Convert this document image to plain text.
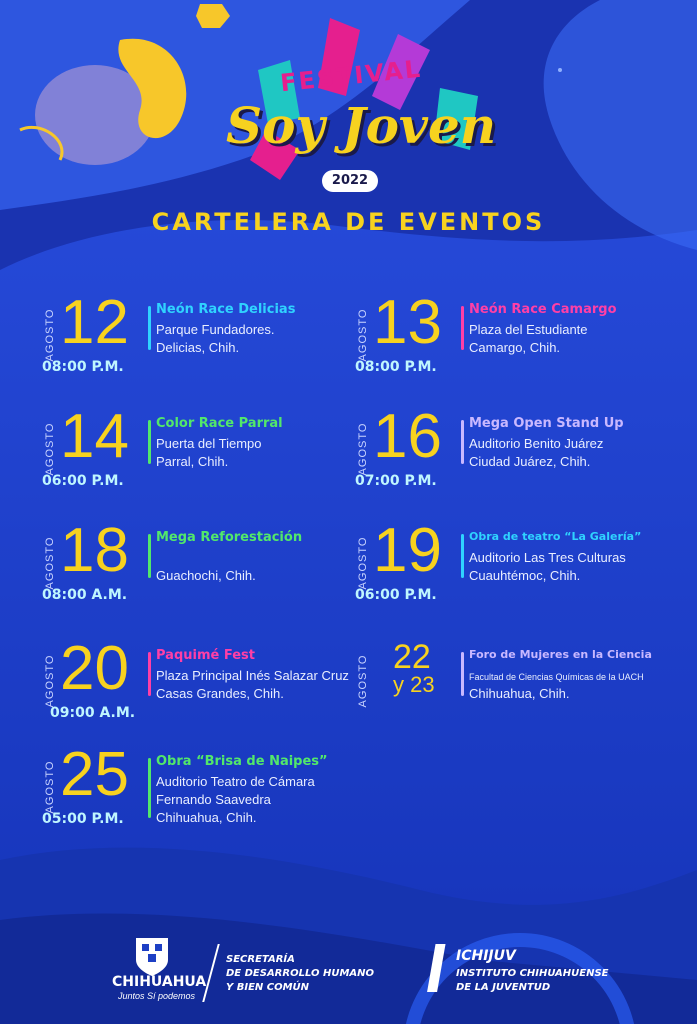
FESTIVAL
Soy Joven
2022
CARTELERA DE EVENTOS
AGOSTO 12
08:00 P.M.
Neón Race Delicias
Parque Fundadores.
Delicias, Chih.	AGOSTO 13
08:00 P.M.
Neón Race Camargo
Plaza del Estudiante
Camargo, Chih.
AGOSTO 14
06:00 P.M.
Color Race Parral
Puerta del Tiempo
Parral, Chih.	AGOSTO 16
07:00 P.M.
Mega Open Stand Up
Auditorio Benito Juárez
Ciudad Juárez, Chih.
AGOSTO 18
08:00 A.M.
Mega Reforestación
Guachochi, Chih.	AGOSTO 19
06:00 P.M.
Obra de teatro “La Galería”
Auditorio Las Tres Culturas
Cuauhtémoc, Chih.
AGOSTO 20
09:00 A.M.
Paquimé Fest
Plaza Principal Inés Salazar Cruz
Casas Grandes, Chih.	AGOSTO 22
y 23
Foro de Mujeres en la Ciencia
Facultad de Ciencias Químicas de la UACH
Chihuahua, Chih.
AGOSTO 25
05:00 P.M.
Obra “Brisa de Naipes”
Auditorio Teatro de Cámara
Fernando Saavedra
Chihuahua, Chih.
CHIHUAHUA
Juntos Sí podemos
SECRETARÍA
DE DESARROLLO HUMANO
Y BIEN COMÚN
ICHIJUV
INSTITUTO CHIHUAHUENSE
DE LA JUVENTUD
